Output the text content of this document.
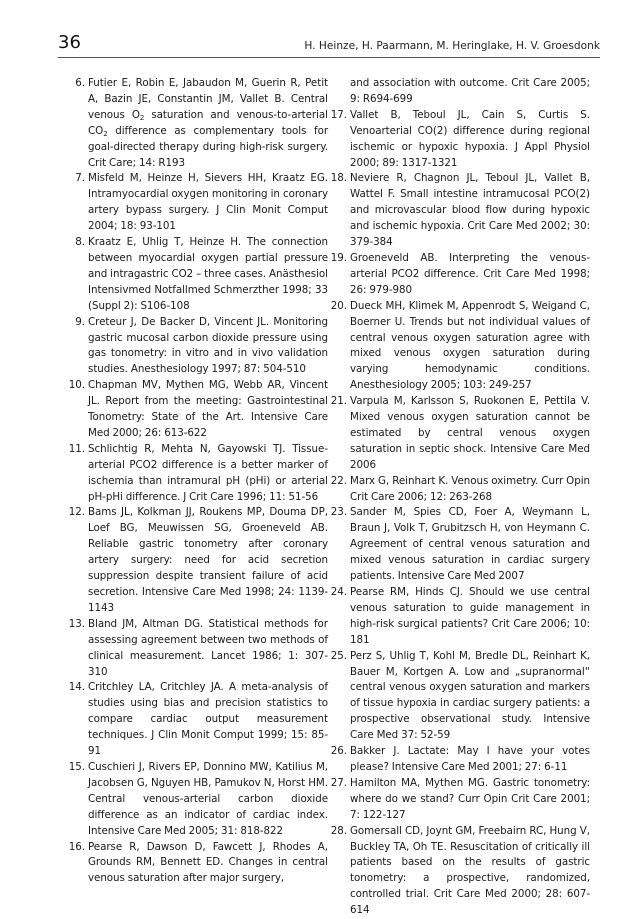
36	H. Heinze, H. Paarmann, M. Heringlake, H. V. Groesdonk
6 . Futier E, Robin E, Jabaudon M, Guerin R, Petit A, Bazin JE, Constantin JM, Vallet B. Central venous $O_2$ saturation and venous-to-arterial $CO_2$ difference as complementary tools for goal-directed therapy during high-risk surgery. Crit Care; 14: R193
7 . Misfeld M, Heinze H, Sievers HH, Kraatz EG. Intramyocardial oxygen monitoring in coronary artery bypass surgery. J Clin Monit Comput 2004; 18: 93-101
8 . Kraatz E, Uhlig T, Heinze H. The connection between myocardial oxygen partial pressure and intragastric CO2 – three cases. Anästhesiol Intensivmed Notfallmed Schmerzther 1998; 33 (Suppl 2): S106-108
9 . Creteur J, De Backer D, Vincent JL. Monitoring gastric mucosal carbon dioxide pressure using gas tonometry: in vitro and in vivo validation studies. Anesthesiology 1997; 87: 504-510
10 . Chapman MV, Mythen MG, Webb AR, Vincent JL. Report from the meeting: Gastrointestinal Tonometry: State of the Art. Intensive Care Med 2000; 26: 613-622
11 . Schlichtig R, Mehta N, Gayowski TJ. Tissue-arterial PCO2 difference is a better marker of ischemia than intramural pH (pHi) or arterial pH-pHi difference. J Crit Care 1996; 11: 51-56
12 . Bams JL, Kolkman JJ, Roukens MP, Douma DP, Loef BG, Meuwissen SG, Groeneveld AB. Reliable gastric tonometry after coronary artery surgery: need for acid secretion suppression despite transient failure of acid secretion. Intensive Care Med 1998; 24: 1139-1143
13 . Bland JM, Altman DG. Statistical methods for assessing agreement between two methods of clinical measurement. Lancet 1986; 1: 307-310
14 . Critchley LA, Critchley JA. A meta-analysis of studies using bias and precision statistics to compare cardiac output measurement techniques. J Clin Monit Comput 1999; 15: 85-91
15 . Cuschieri J, Rivers EP, Donnino MW, Katilius M, Jacobsen G, Nguyen HB, Pamukov N, Horst HM. Central venous-arterial carbon dioxide difference as an indicator of cardiac index. Intensive Care Med 2005; 31: 818-822
16 . Pearse R, Dawson D, Fawcett J, Rhodes A, Grounds RM, Bennett ED. Changes in central venous saturation after major surgery,
and association with outcome. Crit Care 2005; 9: R694-699
17 . Vallet B, Teboul JL, Cain S, Curtis S. Venoarterial CO(2) difference during regional ischemic or hypoxic hypoxia. J Appl Physiol 2000; 89: 1317-1321
18 . Neviere R, Chagnon JL, Teboul JL, Vallet B, Wattel F. Small intestine intramucosal PCO(2) and microvascular blood flow during hypoxic and ischemic hypoxia. Crit Care Med 2002; 30: 379-384
19 . Groeneveld AB. Interpreting the venous-arterial PCO2 difference. Crit Care Med 1998; 26: 979-980
20 . Dueck MH, Klimek M, Appenrodt S, Weigand C, Boerner U. Trends but not individual values of central venous oxygen saturation agree with mixed venous oxygen saturation during varying hemodynamic conditions. Anesthesiology 2005; 103: 249-257
21 . Varpula M, Karlsson S, Ruokonen E, Pettila V. Mixed venous oxygen saturation cannot be estimated by central venous oxygen saturation in septic shock. Intensive Care Med 2006
22 . Marx G, Reinhart K. Venous oximetry. Curr Opin Crit Care 2006; 12: 263-268
23 . Sander M, Spies CD, Foer A, Weymann L, Braun J, Volk T, Grubitzsch H, von Heymann C. Agreement of central venous saturation and mixed venous saturation in cardiac surgery patients. Intensive Care Med 2007
24 . Pearse RM, Hinds CJ. Should we use central venous saturation to guide management in high-risk surgical patients? Crit Care 2006; 10: 181
25 . Perz S, Uhlig T, Kohl M, Bredle DL, Reinhart K, Bauer M, Kortgen A. Low and „supranormal“ central venous oxygen saturation and markers of tissue hypoxia in cardiac surgery patients: a prospective observational study. Intensive Care Med 37: 52-59
26 . Bakker J. Lactate: May I have your votes please? Intensive Care Med 2001; 27: 6-11
27 . Hamilton MA, Mythen MG. Gastric tonometry: where do we stand? Curr Opin Crit Care 2001; 7: 122-127
28 . Gomersall CD, Joynt GM, Freebairn RC, Hung V, Buckley TA, Oh TE. Resuscitation of critically ill patients based on the results of gastric tonometry: a prospective, randomized, controlled trial. Crit Care Med 2000; 28: 607-614
